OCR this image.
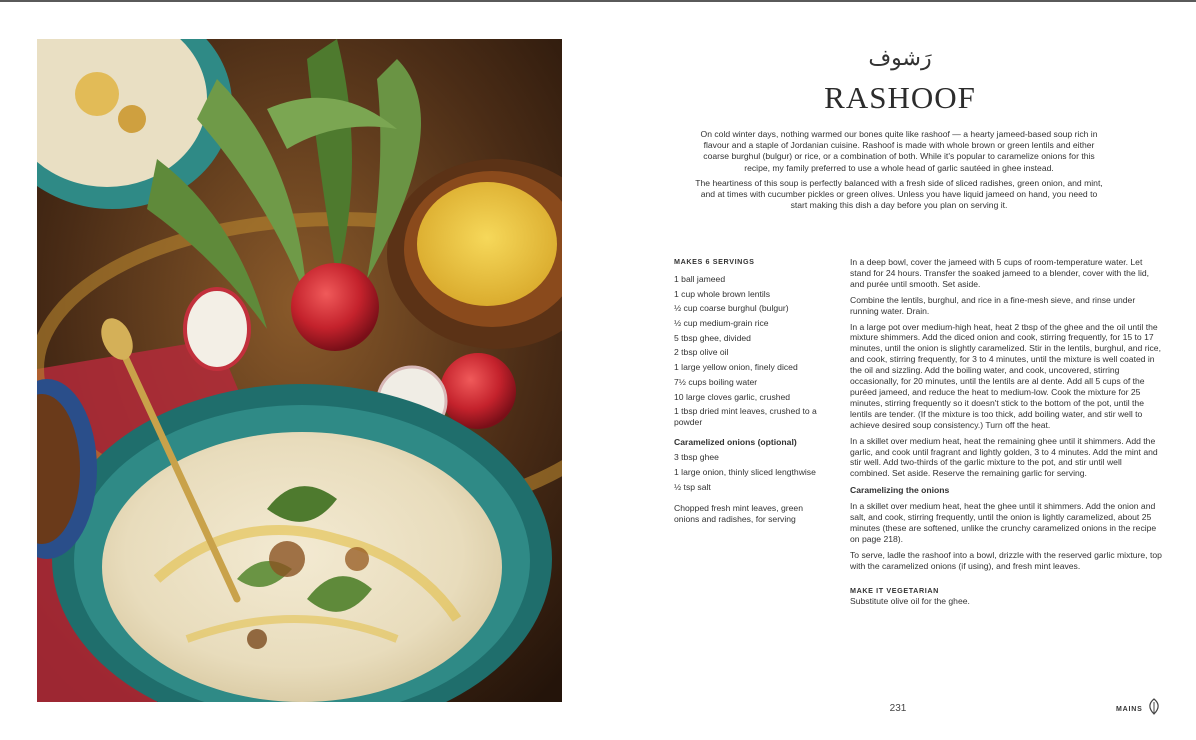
رَشوف
RASHOOF

On cold winter days, nothing warmed our bones quite like rashoof — a hearty jameed-based soup rich in flavour and a staple of Jordanian cuisine. Rashoof is made with whole brown or green lentils and either coarse burghul (bulgur) or rice, or a combination of both. While it's popular to caramelize onions for this recipe, my family preferred to use a whole head of garlic sautéed in ghee instead.

The heartiness of this soup is perfectly balanced with a fresh side of sliced radishes, green onion, and mint, and at times with cucumber pickles or green olives. Unless you have liquid jameed on hand, you need to start making this dish a day before you plan on serving it.

MAKES 6 SERVINGS
1 ball jameed
1 cup whole brown lentils
½ cup coarse burghul (bulgur)
½ cup medium-grain rice
5 tbsp ghee, divided
2 tbsp olive oil
1 large yellow onion, finely diced
7½ cups boiling water
10 large cloves garlic, crushed
1 tbsp dried mint leaves, crushed to a powder
Caramelized onions (optional)
3 tbsp ghee
1 large onion, thinly sliced lengthwise
½ tsp salt
Chopped fresh mint leaves, green onions and radishes, for serving

In a deep bowl, cover the jameed with 5 cups of room-temperature water. Let stand for 24 hours. Transfer the soaked jameed to a blender, cover with the lid, and purée until smooth. Set aside.

Combine the lentils, burghul, and rice in a fine-mesh sieve, and rinse under running water. Drain.

In a large pot over medium-high heat, heat 2 tbsp of the ghee and the oil until the mixture shimmers. Add the diced onion and cook, stirring frequently, for 15 to 17 minutes, until the onion is slightly caramelized. Stir in the lentils, burghul, and rice, and cook, stirring frequently, for 3 to 4 minutes, until the mixture is well coated in the oil and sizzling. Add the boiling water, and cook, uncovered, stirring occasionally, for 20 minutes, until the lentils are al dente. Add all 5 cups of the puréed jameed, and reduce the heat to medium-low. Cook the mixture for 25 minutes, stirring frequently so it doesn't stick to the bottom of the pot, until the lentils are tender. (If the mixture is too thick, add boiling water, and stir well to achieve desired soup consistency.) Turn off the heat.

In a skillet over medium heat, heat the remaining ghee until it shimmers. Add the garlic, and cook until fragrant and lightly golden, 3 to 4 minutes. Add the mint and stir well. Add two-thirds of the garlic mixture to the pot, and stir until well combined. Set aside. Reserve the remaining garlic for serving.

Caramelizing the onions

In a skillet over medium heat, heat the ghee until it shimmers. Add the onion and salt, and cook, stirring frequently, until the onion is lightly caramelized, about 25 minutes (these are softened, unlike the crunchy caramelized onions in the recipe on page 218).

To serve, ladle the rashoof into a bowl, drizzle with the reserved garlic mixture, top with the caramelized onions (if using), and fresh mint leaves.

MAKE IT VEGETARIAN

Substitute olive oil for the ghee.

231	MAINS
